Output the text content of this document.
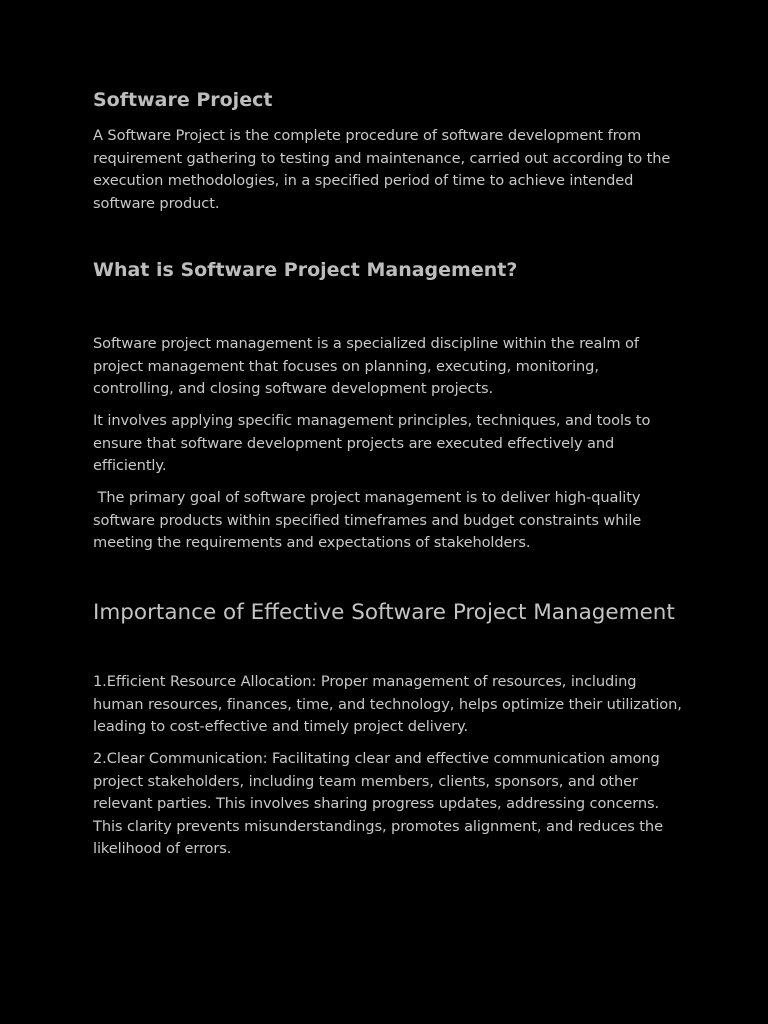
Software Project

A Software Project is the complete procedure of software development from requirement gathering to testing and maintenance, carried out according to the execution methodologies, in a specified period of time to achieve intended software product.

What is Software Project Management?

Software project management is a specialized discipline within the realm of project management that focuses on planning, executing, monitoring, controlling, and closing software development projects.

It involves applying specific management principles, techniques, and tools to ensure that software development projects are executed effectively and efficiently.

The primary goal of software project management is to deliver high-quality software products within specified timeframes and budget constraints while meeting the requirements and expectations of stakeholders.

Importance of Effective Software Project Management

1.Efficient Resource Allocation: Proper management of resources, including human resources, finances, time, and technology, helps optimize their utilization, leading to cost-effective and timely project delivery.

2.Clear Communication: Facilitating clear and effective communication among project stakeholders, including team members, clients, sponsors, and other relevant parties. This involves sharing progress updates, addressing concerns. This clarity prevents misunderstandings, promotes alignment, and reduces the likelihood of errors.
